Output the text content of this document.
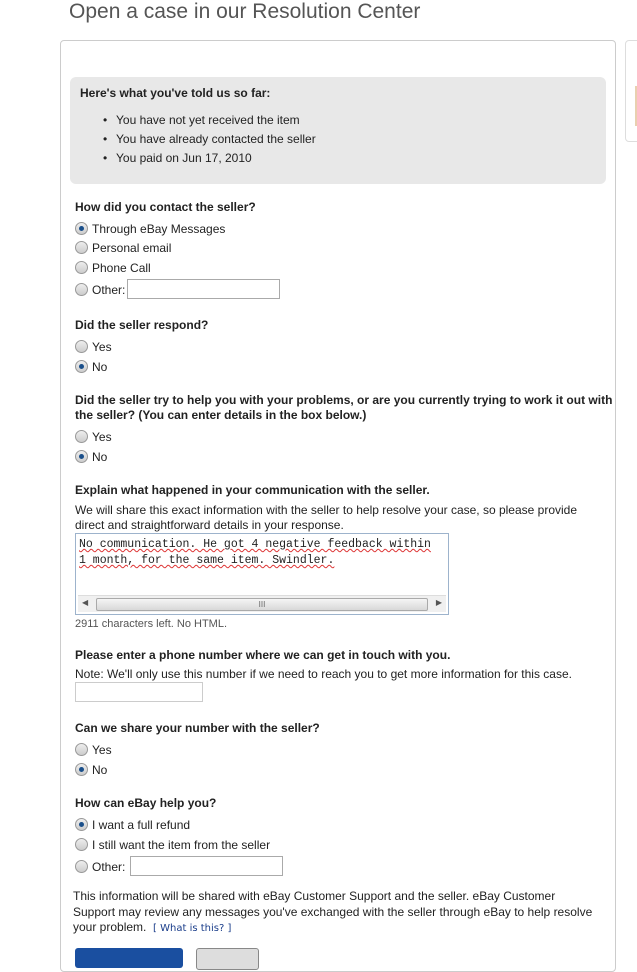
Open a case in our Resolution Center
Here's what you've told us so far:
• You have not yet received the item
• You have already contacted the seller
• You paid on Jun 17, 2010
Through eBay Messages
Personal email
Phone Call
Other:
Yes
No
Yes
No
Yes
No
I want a full refund
I still want the item from the seller
Other:
How did you contact the seller?
Did the seller respond?
Did the seller try to help you with your problems, or are you currently trying to work it out with
the seller? (You can enter details in the box below.)
Explain what happened in your communication with the seller.
We will share this exact information with the seller to help resolve your case, so please provide
direct and straightforward details in your response.
No communication. He got 4 negative feedback within
1 month, for the same item. Swindler.
◀	III	▶
2911 characters left. No HTML.
Please enter a phone number where we can get in touch with you.
Note: We'll only use this number if we need to reach you to get more information for this case.
Can we share your number with the seller?
How can eBay help you?
This information will be shared with eBay Customer Support and the seller. eBay Customer
Support may review any messages you've exchanged with the seller through eBay to help resolve
your problem. [ What is this? ]
